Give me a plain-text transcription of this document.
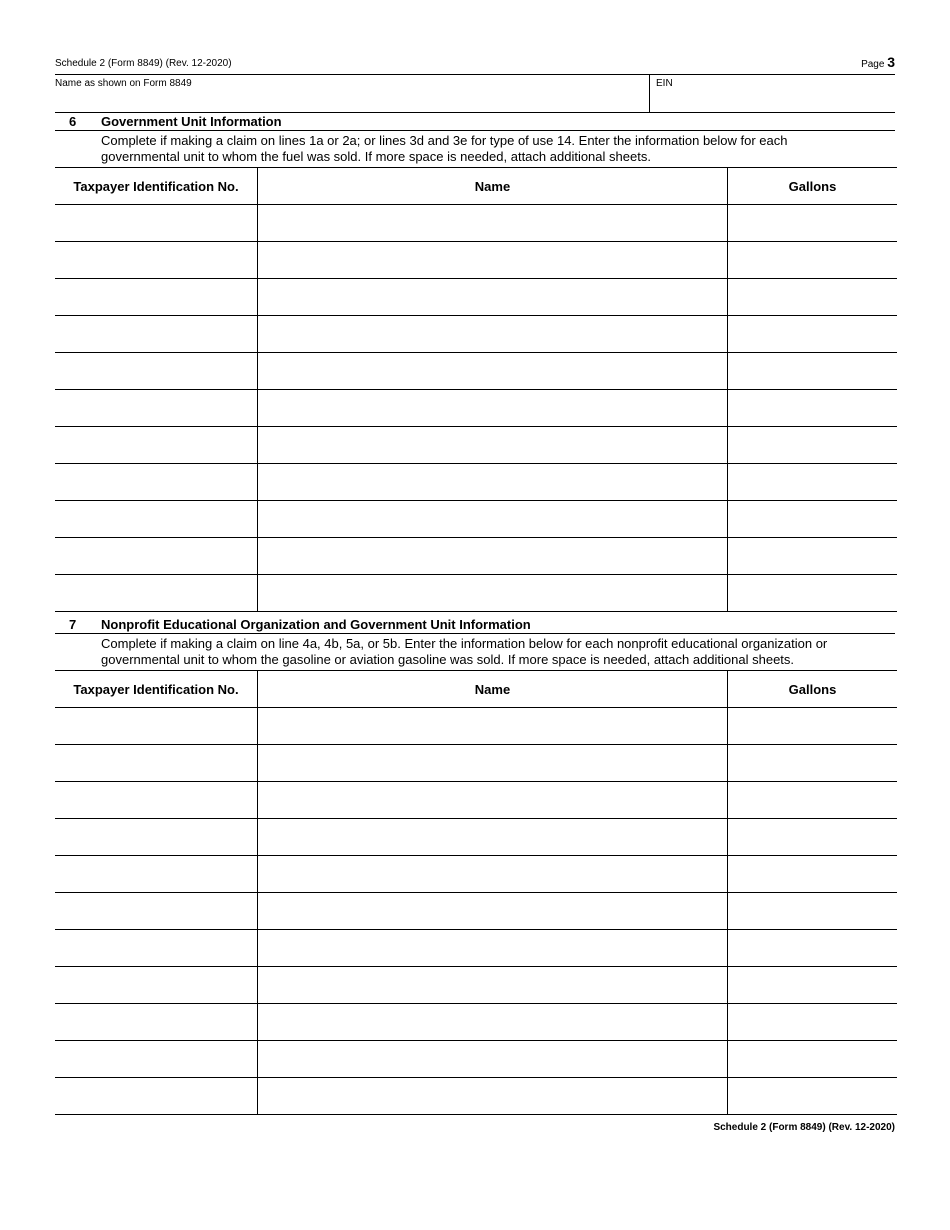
Schedule 2 (Form 8849) (Rev. 12-2020)	Page 3
Name as shown on Form 8849	EIN
6 Government Unit Information
Complete if making a claim on lines 1a or 2a; or lines 3d and 3e for type of use 14. Enter the information below for each
governmental unit to whom the fuel was sold. If more space is needed, attach additional sheets.
Taxpayer Identification No.	Name	Gallons

7 Nonprofit Educational Organization and Government Unit Information
Complete if making a claim on line 4a, 4b, 5a, or 5b. Enter the information below for each nonprofit educational organization or
governmental unit to whom the gasoline or aviation gasoline was sold. If more space is needed, attach additional sheets.
Taxpayer Identification No.	Name	Gallons

Schedule 2 (Form 8849) (Rev. 12-2020)
